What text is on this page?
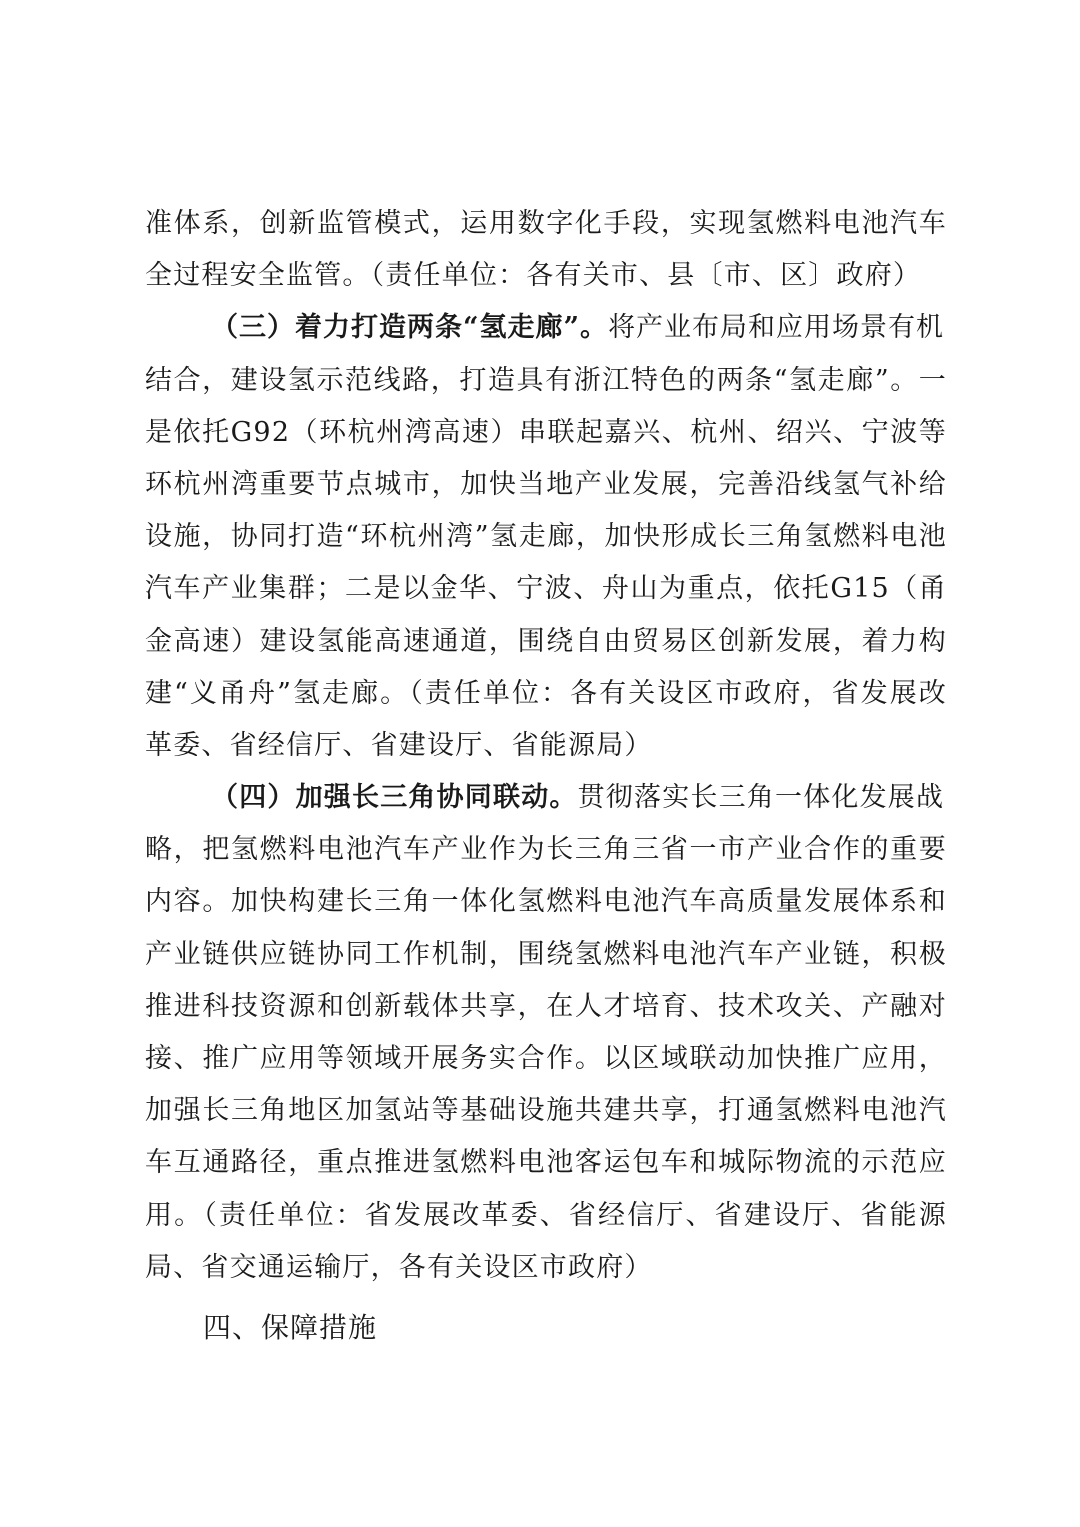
准体系，创新监管模式，运用数字化手段，实现氢燃料电池汽车
全过程安全监管。（责任单位：各有关市、县〔市、区〕政府）
（三）着力打造两条“氢走廊”。将产业布局和应用场景有机
结合，建设氢示范线路，打造具有浙江特色的两条“氢走廊”。一
是依托G92（环杭州湾高速）串联起嘉兴、杭州、绍兴、宁波等
环杭州湾重要节点城市，加快当地产业发展，完善沿线氢气补给
设施，协同打造“环杭州湾”氢走廊，加快形成长三角氢燃料电池
汽车产业集群；二是以金华、宁波、舟山为重点，依托G15（甬
金高速）建设氢能高速通道，围绕自由贸易区创新发展，着力构
建“义甬舟”氢走廊。（责任单位：各有关设区市政府，省发展改
革委、省经信厅、省建设厅、省能源局）
（四）加强长三角协同联动。贯彻落实长三角一体化发展战
略，把氢燃料电池汽车产业作为长三角三省一市产业合作的重要
内容。加快构建长三角一体化氢燃料电池汽车高质量发展体系和
产业链供应链协同工作机制，围绕氢燃料电池汽车产业链，积极
推进科技资源和创新载体共享，在人才培育、技术攻关、产融对
接、推广应用等领域开展务实合作。以区域联动加快推广应用，
加强长三角地区加氢站等基础设施共建共享，打通氢燃料电池汽
车互通路径，重点推进氢燃料电池客运包车和城际物流的示范应
用。（责任单位：省发展改革委、省经信厅、省建设厅、省能源
局、省交通运输厅，各有关设区市政府）
四、保障措施
